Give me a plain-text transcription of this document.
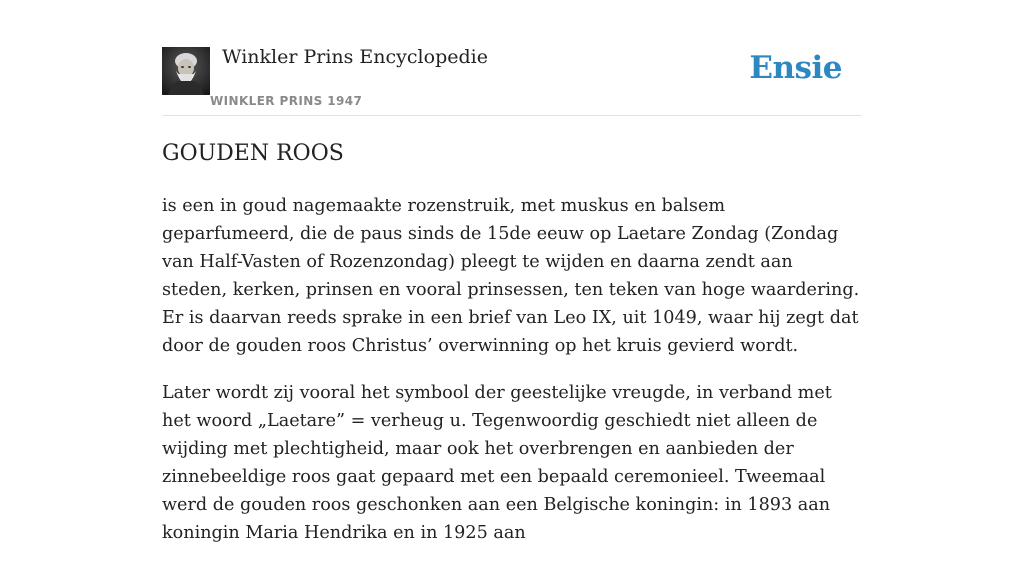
Winkler Prins Encyclopedie
WINKLER PRINS 1947
Ensie
GOUDEN ROOS

is een in goud nagemaakte rozenstruik, met muskus en balsem geparfumeerd, die de paus sinds de 15de eeuw op Laetare Zondag (Zondag van Half-Vasten of Rozenzondag) pleegt te wijden en daarna zendt aan steden, kerken, prinsen en vooral prinsessen, ten teken van hoge waardering. Er is daarvan reeds sprake in een brief van Leo IX, uit 1049, waar hij zegt dat door de gouden roos Christus’ overwinning op het kruis gevierd wordt.

Later wordt zij vooral het symbool der geestelijke vreugde, in verband met het woord „Laetare” = verheug u. Tegenwoordig geschiedt niet alleen de wijding met plechtigheid, maar ook het overbrengen en aanbieden der zinnebeeldige roos gaat gepaard met een bepaald ceremonieel. Tweemaal werd de gouden roos geschonken aan een Belgische koningin: in 1893 aan koningin Maria Hendrika en in 1925 aan
